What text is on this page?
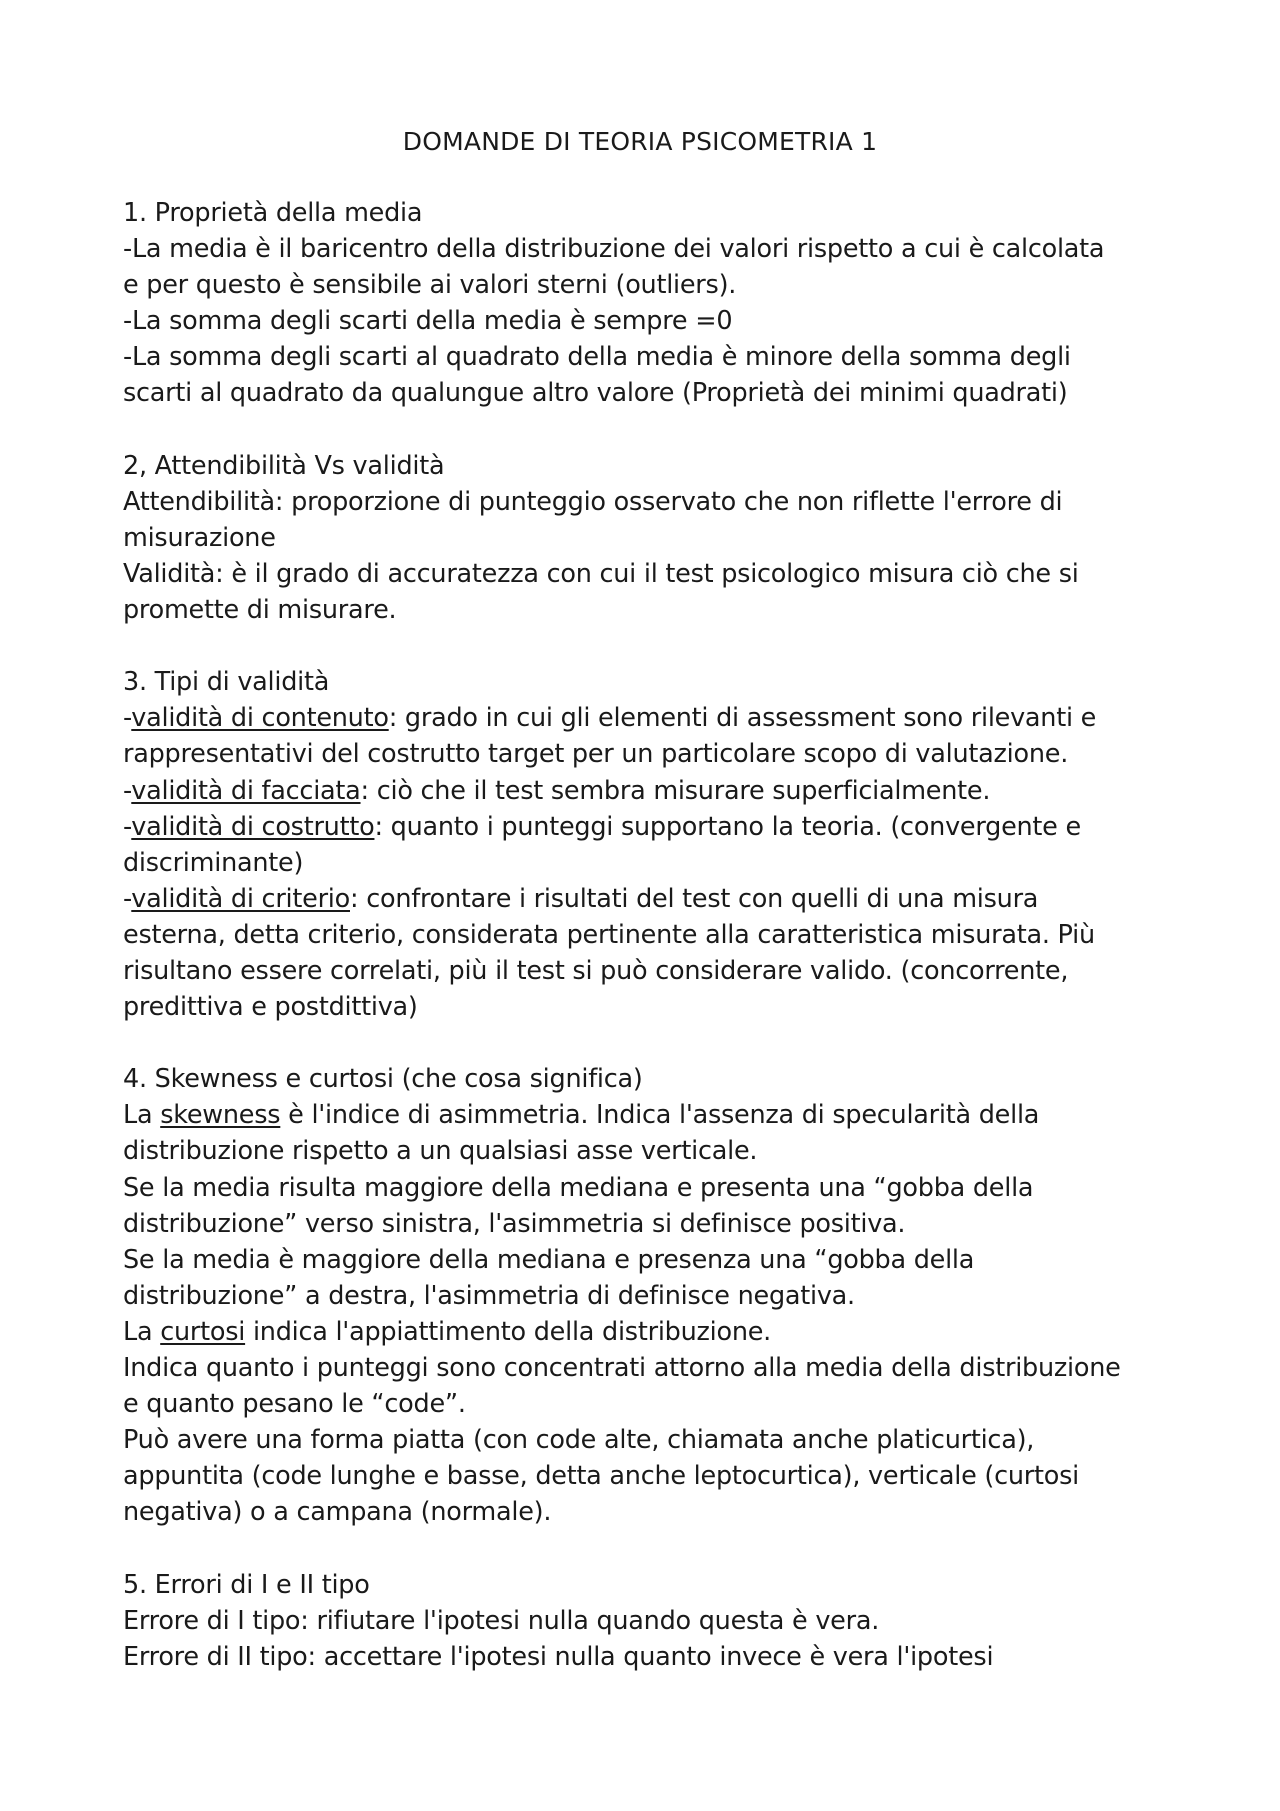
DOMANDE DI TEORIA PSICOMETRIA 1
1. Proprietà della media
-La media è il baricentro della distribuzione dei valori rispetto a cui è calcolata
e per questo è sensibile ai valori sterni (outliers).
-La somma degli scarti della media è sempre =0
-La somma degli scarti al quadrato della media è minore della somma degli
scarti al quadrato da qualungue altro valore (Proprietà dei minimi quadrati)
2, Attendibilità Vs validità
Attendibilità: proporzione di punteggio osservato che non riflette l'errore di
misurazione
Validità: è il grado di accuratezza con cui il test psicologico misura ciò che si
promette di misurare.
3. Tipi di validità
-validità di contenuto: grado in cui gli elementi di assessment sono rilevanti e
rappresentativi del costrutto target per un particolare scopo di valutazione.
-validità di facciata: ciò che il test sembra misurare superficialmente.
-validità di costrutto: quanto i punteggi supportano la teoria. (convergente e
discriminante)
-validità di criterio: confrontare i risultati del test con quelli di una misura
esterna, detta criterio, considerata pertinente alla caratteristica misurata. Più
risultano essere correlati, più il test si può considerare valido. (concorrente,
predittiva e postdittiva)
4. Skewness e curtosi (che cosa significa)
La skewness è l'indice di asimmetria. Indica l'assenza di specularità della
distribuzione rispetto a un qualsiasi asse verticale.
Se la media risulta maggiore della mediana e presenta una “gobba della
distribuzione” verso sinistra, l'asimmetria si definisce positiva.
Se la media è maggiore della mediana e presenza una “gobba della
distribuzione” a destra, l'asimmetria di definisce negativa.
La curtosi indica l'appiattimento della distribuzione.
Indica quanto i punteggi sono concentrati attorno alla media della distribuzione
e quanto pesano le “code”.
Può avere una forma piatta (con code alte, chiamata anche platicurtica),
appuntita (code lunghe e basse, detta anche leptocurtica), verticale (curtosi
negativa) o a campana (normale).
5. Errori di I e II tipo
Errore di I tipo: rifiutare l'ipotesi nulla quando questa è vera.
Errore di II tipo: accettare l'ipotesi nulla quanto invece è vera l'ipotesi
